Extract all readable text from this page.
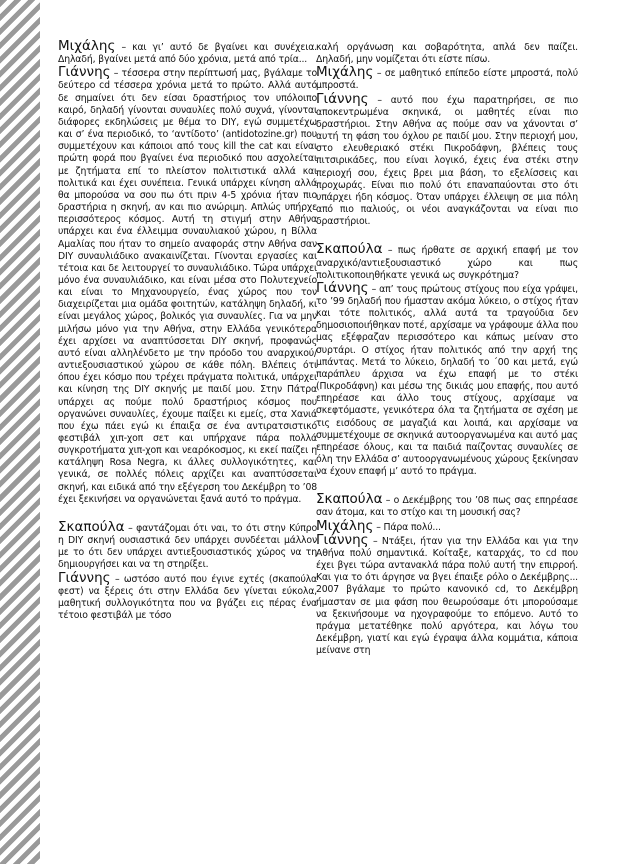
Μιχάλης – και γι’ αυτό δε βγαίνει και συνέχεια. Δηλαδή, βγαίνει μετά από δύο χρόνια, μετά από τρία...

Γιάννης – τέσσερα στην περίπτωσή μας, βγάλαμε το δεύτερο cd τέσσερα χρόνια μετά το πρώτο. Αλλά αυτό δε σημαίνει ότι δεν είσαι δραστήριος τον υπόλοιπο καιρό, δηλαδή γίνονται συναυλίες πολύ συχνά, γίνονται διάφορες εκδηλώσεις με θέμα το DIY, εγώ συμμετέχω και σ’ ένα περιοδικό, το ‘αντίδοτο’ (antidotozine.gr) που συμμετέχουν και κάποιοι από τους kill the cat και είναι πρώτη φορά που βγαίνει ένα περιοδικό που ασχολείται με ζητήματα επί το πλείστον πολιτιστικά αλλά και πολιτικά και έχει συνέπεια. Γενικά υπάρχει κίνηση αλλά θα μπορούσα να σου πω ότι πριν 4-5 χρόνια ήταν πιο δραστήρια η σκηνή, αν και πιο ανώριμη. Απλώς υπήρχε περισσότερος κόσμος. Αυτή τη στιγμή στην Αθήνα υπάρχει και ένα έλλειμμα συναυλιακού χώρου, η Βίλλα Αμαλίας που ήταν το σημείο αναφοράς στην Αθήνα σαν DIY συναυλιάδικο ανακαινίζεται. Γίνονται εργασίες και τέτοια και δε λειτουργεί το συναυλιάδικο. Τώρα υπάρχει μόνο ένα συναυλιάδικο, και είναι μέσα στο Πολυτεχνείο και είναι το Μηχανουργείο, ένας χώρος που τον διαχειρίζεται μια ομάδα φοιτητών, κατάληψη δηλαδή, κι είναι μεγάλος χώρος, βολικός για συναυλίες. Για να μην μιλήσω μόνο για την Αθήνα, στην Ελλάδα γενικότερα έχει αρχίσει να αναπτύσσεται DIY σκηνή, προφανώς αυτό είναι αλληλένδετο με την πρόοδο του αναρχικού/αντιεξουσιαστικού χώρου σε κάθε πόλη. Βλέπεις ότι όπου έχει κόσμο που τρέχει πράγματα πολιτικά, υπάρχει και κίνηση της DIY σκηνής με παιδί μου. Στην Πάτρα υπάρχει ας πούμε πολύ δραστήριος κόσμος που οργανώνει συναυλίες, έχουμε παίξει κι εμείς, στα Χανιά που έχω πάει εγώ κι έπαιξα σε ένα αντιρατσιστικό φεστιβάλ χιπ-χοπ σετ και υπήρχανε πάρα πολλά συγκροτήματα χιπ-χοπ και νεαρόκοσμος, κι εκεί παίζει η κατάληψη Rosa Negra, κι άλλες συλλογικότητες, και γενικά, σε πολλές πόλεις αρχίζει και αναπτύσσεται σκηνή, και ειδικά από την εξέγερση του Δεκέμβρη το ’08 έχει ξεκινήσει να οργανώνεται ξανά αυτό το πράγμα.

Σκαπούλα – φαντάζομαι ότι ναι, το ότι στην Κύπρο η DIY σκηνή ουσιαστικά δεν υπάρχει συνδέεται μάλλον με το ότι δεν υπάρχει αντιεξουσιαστικός χώρος να τη δημιουργήσει και να τη στηρίξει.

Γιάννης – ωστόσο αυτό που έγινε εχτές (σκαπούλα φεστ) να ξέρεις ότι στην Ελλάδα δεν γίνεται εύκολα, μαθητική συλλογικότητα που να βγάζει εις πέρας ένα τέτοιο φεστιβάλ με τόσο

καλή οργάνωση και σοβαρότητα, απλά δεν παίζει. Δηλαδή, μην νομίζεται ότι είστε πίσω.

Μιχάλης – σε μαθητικό επίπεδο είστε μπροστά, πολύ μπροστά.

Γιάννης – αυτό που έχω παρατηρήσει, σε πιο αποκεντρωμένα σκηνικά, οι μαθητές είναι πιο δραστήριοι. Στην Αθήνα ας πούμε σαν να χάνονται σ’ αυτή τη φάση του όχλου ρε παιδί μου. Στην περιοχή μου, στο ελευθεριακό στέκι Πικροδάφνη, βλέπεις τους πιτσιρικάδες, που είναι λογικό, έχεις ένα στέκι στην περιοχή σου, έχεις βρει μια βάση, το εξελίσσεις και προχωράς. Είναι πιο πολύ ότι επαναπαύονται στο ότι υπάρχει ήδη κόσμος. Όταν υπάρχει έλλειψη σε μια πόλη από πιο παλιούς, οι νέοι αναγκάζονται να είναι πιο δραστήριοι.

Σκαπούλα – πως ήρθατε σε αρχική επαφή με τον αναρχικό/αντιεξουσιαστικό χώρο και πως πολιτικοποιηθήκατε γενικά ως συγκρότημα?

Γιάννης – απ’ τους πρώτους στίχους που είχα γράψει, το ’99 δηλαδή που ήμασταν ακόμα λύκειο, ο στίχος ήταν και τότε πολιτικός, αλλά αυτά τα τραγούδια δεν δημοσιοποιήθηκαν ποτέ, αρχίσαμε να γράφουμε άλλα που μας εξέφραζαν περισσότερο και κάπως μείναν στο συρτάρι. Ο στίχος ήταν πολιτικός από την αρχή της μπάντας. Μετά το λύκειο, δηλαδή το ΄00 και μετά, εγώ παράπλευ άρχισα να έχω επαφή με το στέκι (Πικροδάφνη) και μέσω της δικιάς μου επαφής, που αυτό επηρέασε και άλλο τους στίχους, αρχίσαμε να σκεφτόμαστε, γενικότερα όλα τα ζητήματα σε σχέση με τις εισόδους σε μαγαζιά και λοιπά, και αρχίσαμε να συμμετέχουμε σε σκηνικά αυτοοργανωμένα και αυτό μας επηρέασε όλους, και τα παιδιά παίζοντας συναυλίες σε όλη την Ελλάδα σ’ αυτοοργανωμένους χώρους ξεκίνησαν να έχουν επαφή μ’ αυτό το πράγμα.

Σκαπούλα – ο Δεκέμβρης του ’08 πως σας επηρέασε σαν άτομα, και το στίχο και τη μουσική σας?

Μιχάλης – Πάρα πολύ...

Γιάννης – Ντάξει, ήταν για την Ελλάδα και για την Αθήνα πολύ σημαντικά. Κοίταξε, καταρχάς, το cd που έχει βγει τώρα αντανακλά πάρα πολύ αυτή την επιρροή. Και για το ότι άργησε να βγει έπαιξε ρόλο ο Δεκέμβρης... 2007 βγάλαμε το πρώτο κανονικό cd, το Δεκέμβρη ήμασταν σε μια φάση που θεωρούσαμε ότι μπορούσαμε να ξεκινήσουμε να ηχογραφούμε το επόμενο. Αυτό το πράγμα μετατέθηκε πολύ αργότερα, και λόγω του Δεκέμβρη, γιατί και εγώ έγραψα άλλα κομμάτια, κάποια μείνανε στη
